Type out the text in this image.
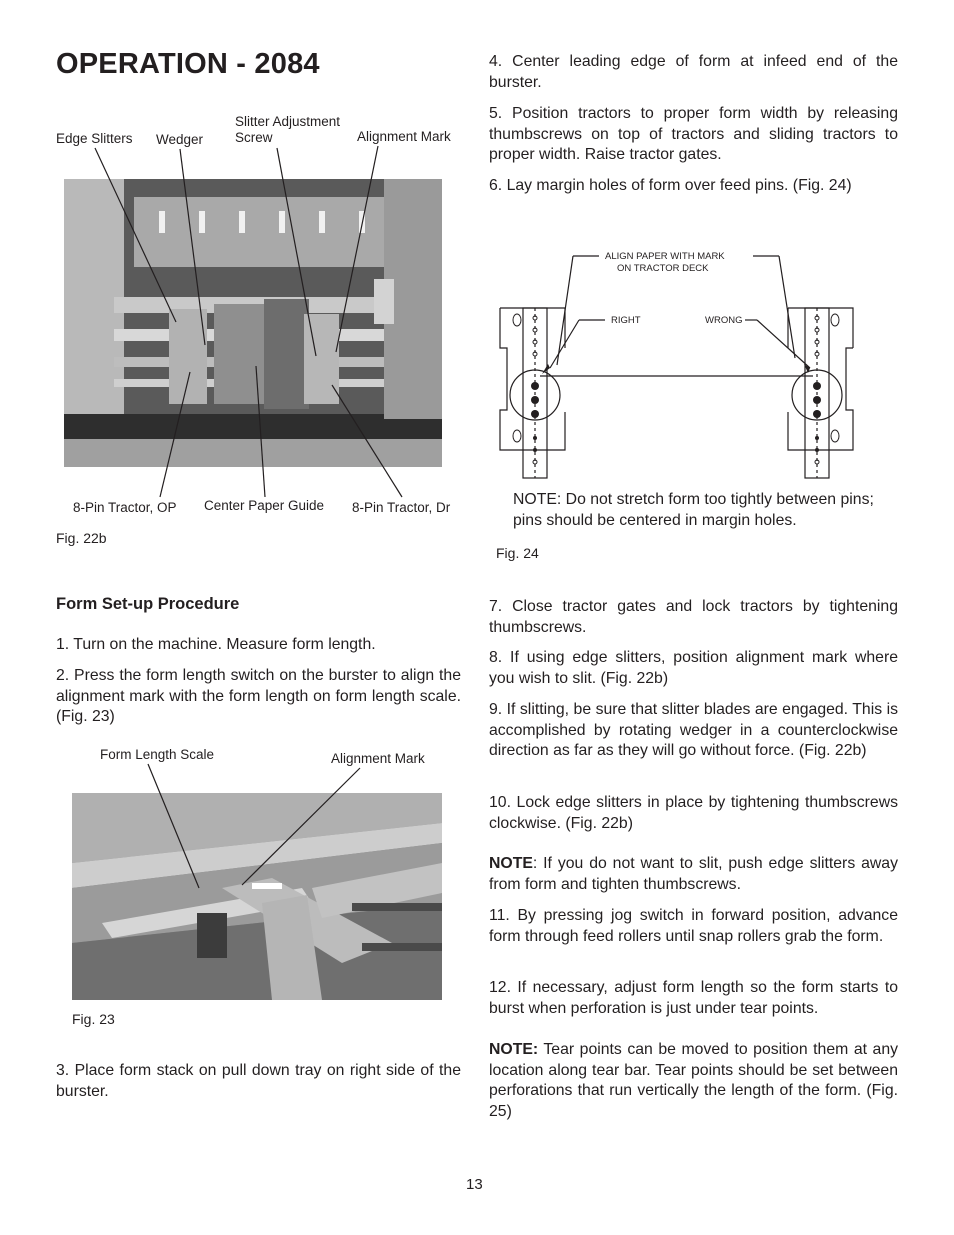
OPERATION - 2084
Edge Slitters Wedger
Slitter Adjustment
Screw	Alignment Mark
8-Pin Tractor, OP Center Paper Guide 8-Pin Tractor, Dr
Fig. 22b
Form Set-up Procedure
1. Turn on the machine. Measure form length.
2. Press the form length switch on the burster to align the alignment mark with the form length on form length scale. (Fig. 23)
Form Length Scale	Alignment Mark
Fig. 23
3. Place form stack on pull down tray on right side of the burster.
4. Center leading edge of form at infeed end of the burster.
5. Position tractors to proper form width by releasing thumbscrews on top of tractors and sliding tractors to proper width. Raise tractor gates.
6. Lay margin holes of form over feed pins. (Fig. 24)
ALIGN PAPER WITH MARK
ON TRACTOR DECK
RIGHT	WRONG
NOTE: Do not stretch form too tightly between pins; pins should be centered in margin holes.
Fig. 24
7. Close tractor gates and lock tractors by tightening thumbscrews.
8. If using edge slitters, position alignment mark where you wish to slit. (Fig. 22b)
9. If slitting, be sure that slitter blades are engaged. This is accomplished by rotating wedger in a counterclockwise direction as far as they will go without force. (Fig. 22b)
10. Lock edge slitters in place by tightening thumbscrews clockwise. (Fig. 22b)
NOTE: If you do not want to slit, push edge slitters away from form and tighten thumbscrews.
11. By pressing jog switch in forward position, advance form through feed rollers until snap rollers grab the form.
12. If necessary, adjust form length so the form starts to burst when perforation is just under tear points.
NOTE: Tear points can be moved to position them at any location along tear bar. Tear points should be set between perforations that run vertically the length of the form. (Fig. 25)
13
